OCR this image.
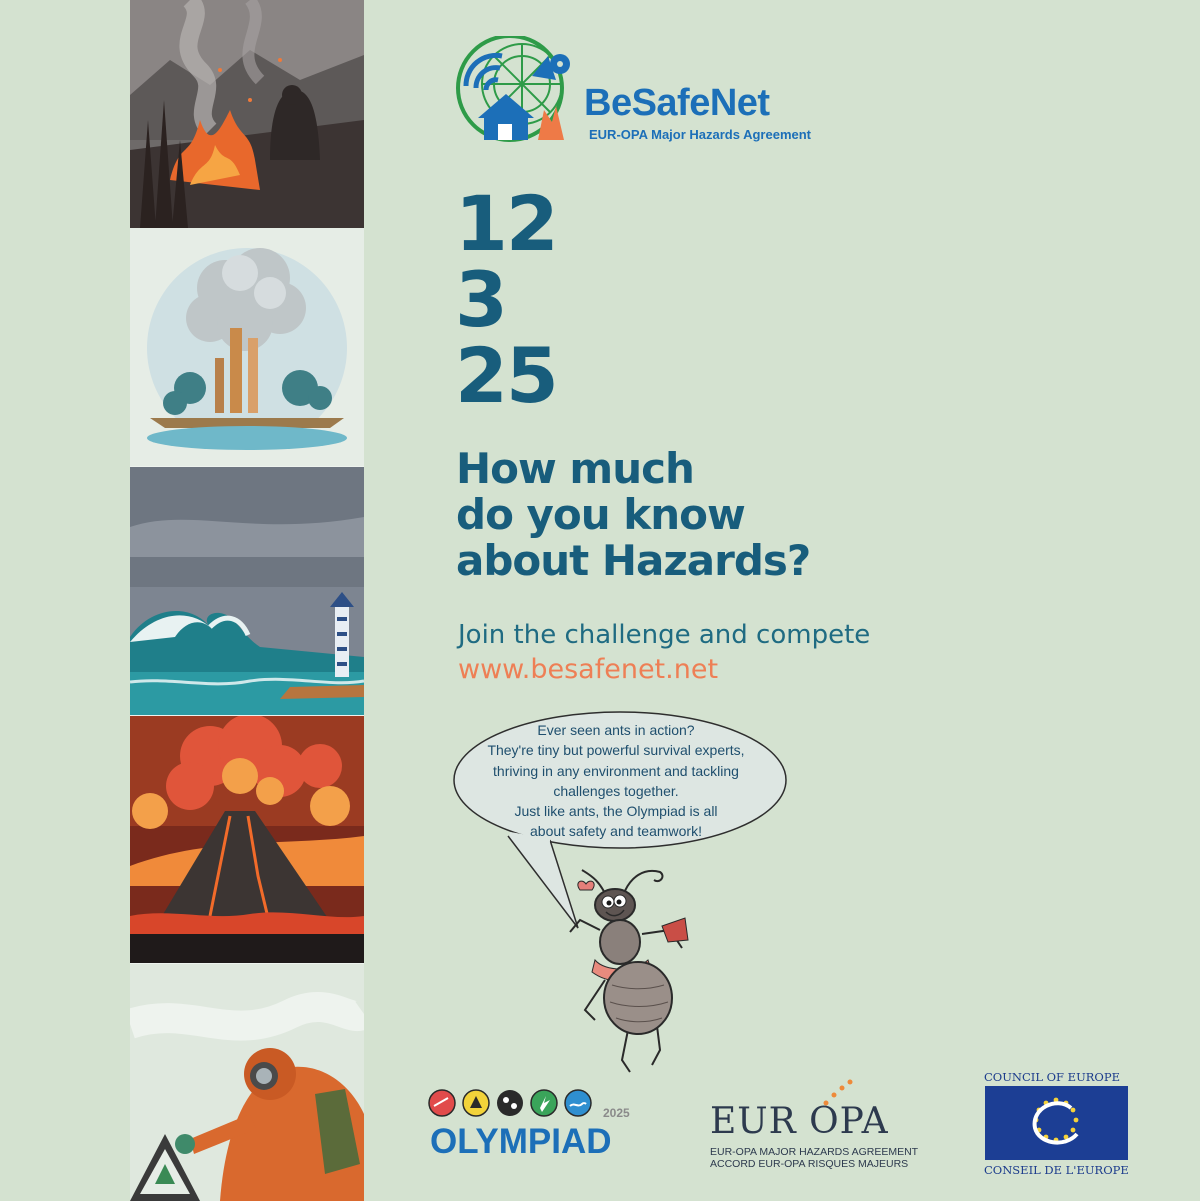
BeSafeNet
EUR-OPA Major Hazards Agreement
12
3
25
How much
do you know
about Hazards?
Join the challenge and compete
www.besafenet.net
Ever seen ants in action?
They're tiny but powerful survival experts,
thriving in any environment and tackling
challenges together.
Just like ants, the Olympiad is all
about safety and teamwork!
2025
OLYMPIAD	EUR OPA
EUR-OPA MAJOR HAZARDS AGREEMENT
ACCORD EUR-OPA RISQUES MAJEURS
COUNCIL OF EUROPE
CONSEIL DE L'EUROPE
